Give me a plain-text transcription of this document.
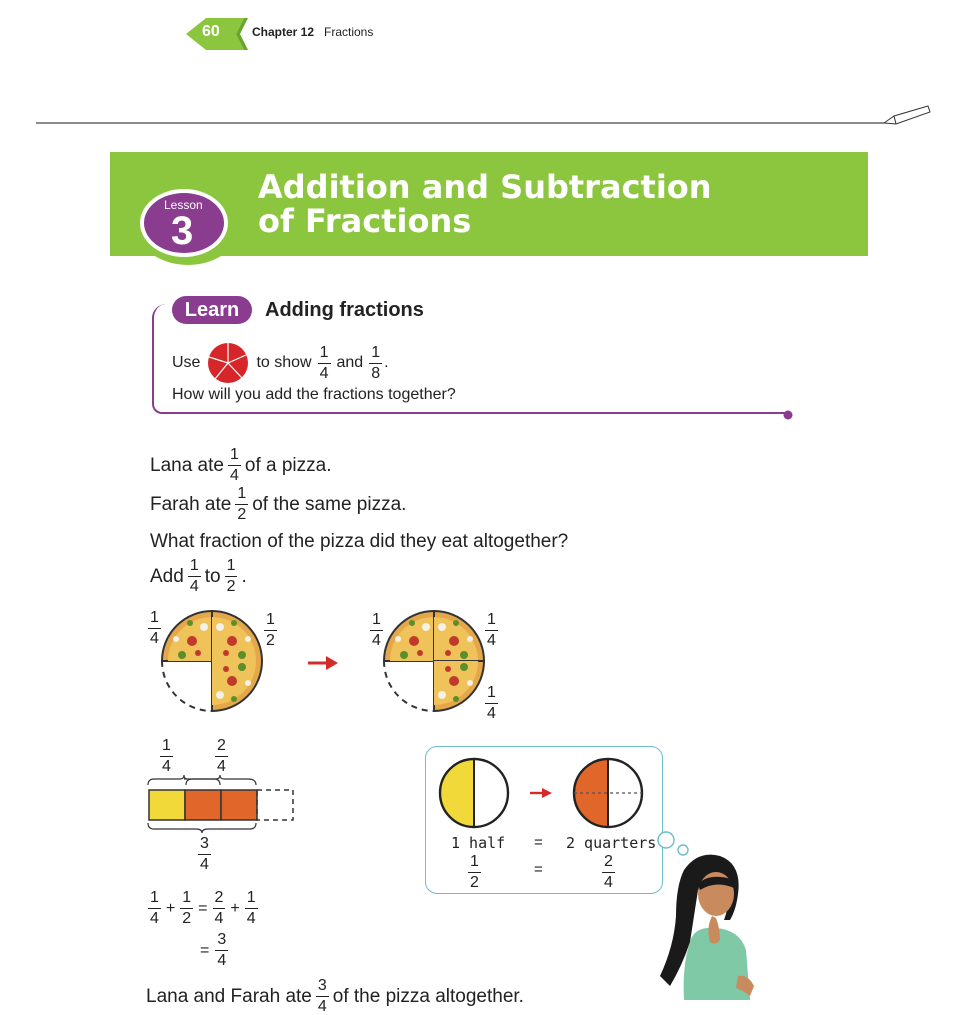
60	Chapter 12 Fractions
Addition and Subtraction
of Fractions
Lesson
3
Learn	Adding fractions
Use	to show $\frac{1}{4}$ and $\frac{1}{8}$ .
How will you add the fractions together?
Lana ate $\frac{1}{4}$ of a pizza.
Farah ate $\frac{1}{2}$ of the same pizza.
What fraction of the pizza did they eat altogether?
Add $\frac{1}{4}$ to $\frac{1}{2}$ .
$\frac{1}{4}$	$\frac{1}{2}$	$\frac{1}{4}$	$\frac{1}{4}$
$\frac{1}{4}$
$\frac{1}{4}$	$\frac{2}{4}$
$\frac{3}{4}$
$\frac{1}{4} + \frac{1}{2} = \frac{2}{4} + \frac{1}{4}$
= $\frac{3}{4}$
1 half = 2 quarters
$\frac{1}{2}$	=	$\frac{2}{4}$
Lana and Farah ate $\frac{3}{4}$ of the pizza altogether.
